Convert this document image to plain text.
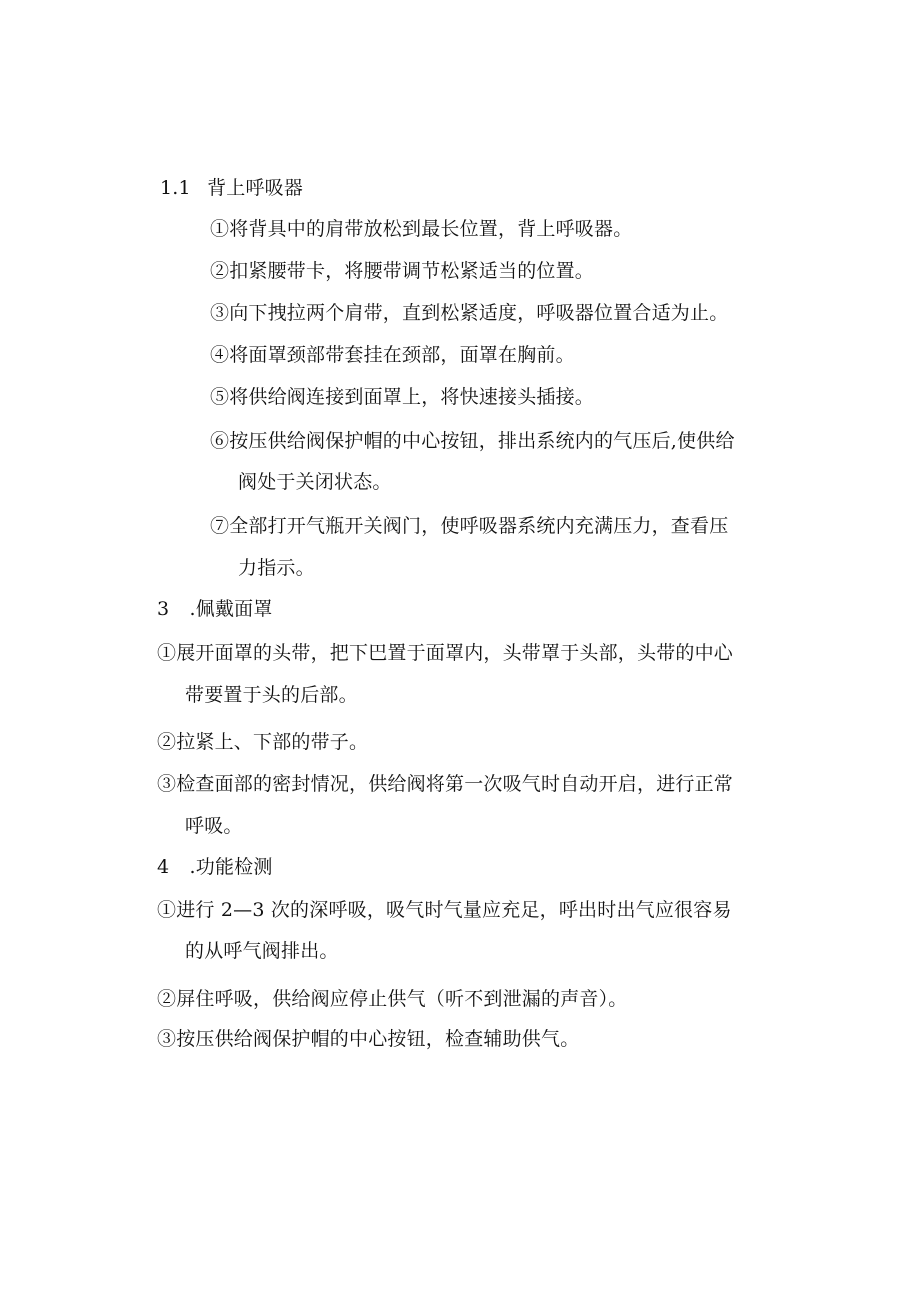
1.1 背上呼吸器
①将背具中的肩带放松到最长位置，背上呼吸器。
②扣紧腰带卡，将腰带调节松紧适当的位置。
③向下拽拉两个肩带，直到松紧适度，呼吸器位置合适为止。
④将面罩颈部带套挂在颈部，面罩在胸前。
⑤将供给阀连接到面罩上，将快速接头插接。
⑥按压供给阀保护帽的中心按钮，排出系统内的气压后,使供给
阀处于关闭状态。
⑦全部打开气瓶开关阀门，使呼吸器系统内充满压力，查看压
力指示。
3 .佩戴面罩
①展开面罩的头带，把下巴置于面罩内，头带罩于头部，头带的中心
带要置于头的后部。
②拉紧上、下部的带子。
③检查面部的密封情况，供给阀将第一次吸气时自动开启，进行正常
呼吸。
4 .功能检测
①进行 2—3 次的深呼吸，吸气时气量应充足，呼出时出气应很容易
的从呼气阀排出。
②屏住呼吸，供给阀应停止供气（听不到泄漏的声音）。
③按压供给阀保护帽的中心按钮，检查辅助供气。
